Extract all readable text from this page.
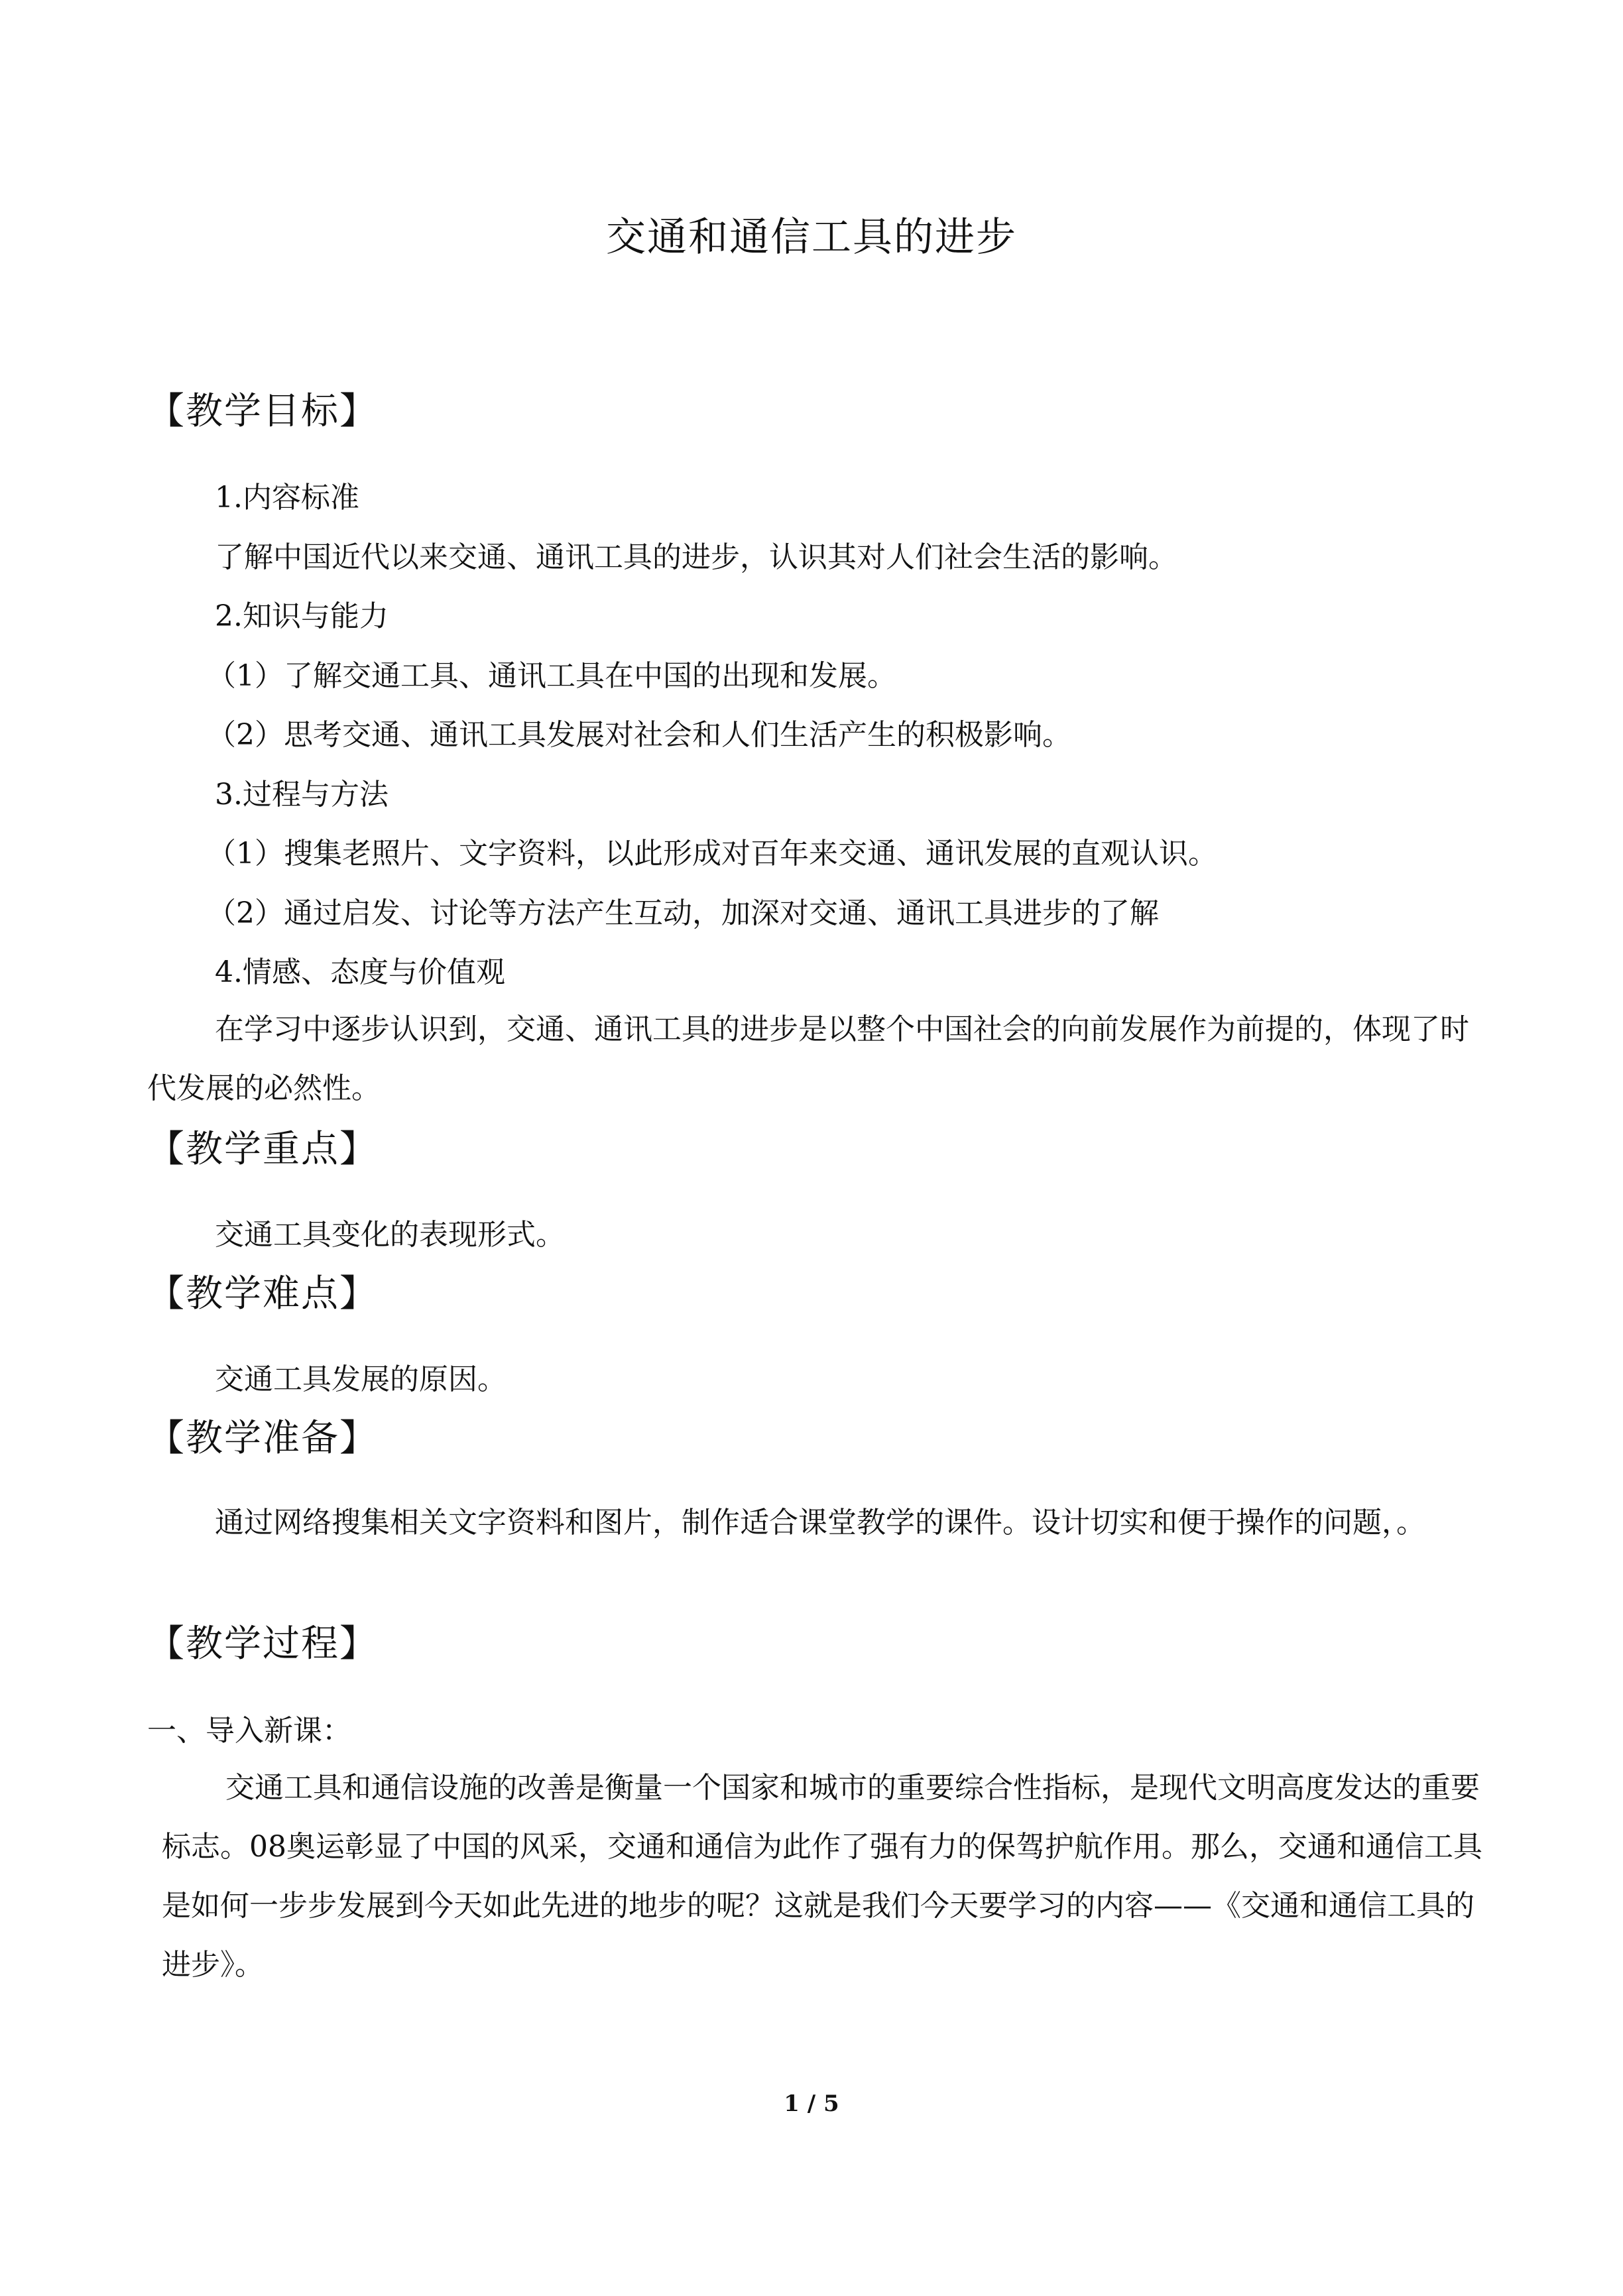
交通和通信工具的进步
【教学目标】
1.内容标准
了解中国近代以来交通、通讯工具的进步，认识其对人们社会生活的影响。
2.知识与能力
（1）了解交通工具、通讯工具在中国的出现和发展。
（2）思考交通、通讯工具发展对社会和人们生活产生的积极影响。
3.过程与方法
（1）搜集老照片、文字资料，以此形成对百年来交通、通讯发展的直观认识。
（2）通过启发、讨论等方法产生互动，加深对交通、通讯工具进步的了解
4.情感、态度与价值观
在学习中逐步认识到，交通、通讯工具的进步是以整个中国社会的向前发展作为前提的，体现了时代发展的必然性。
【教学重点】
交通工具变化的表现形式。
【教学难点】
交通工具发展的原因。
【教学准备】
通过网络搜集相关文字资料和图片，制作适合课堂教学的课件。设计切实和便于操作的问题，。
【教学过程】
一、导入新课：
交通工具和通信设施的改善是衡量一个国家和城市的重要综合性指标，是现代文明高度发达的重要标志。08奥运彰显了中国的风采，交通和通信为此作了强有力的保驾护航作用。那么，交通和通信工具是如何一步步发展到今天如此先进的地步的呢？这就是我们今天要学习的内容——《交通和通信工具的进步》。
1 / 5
